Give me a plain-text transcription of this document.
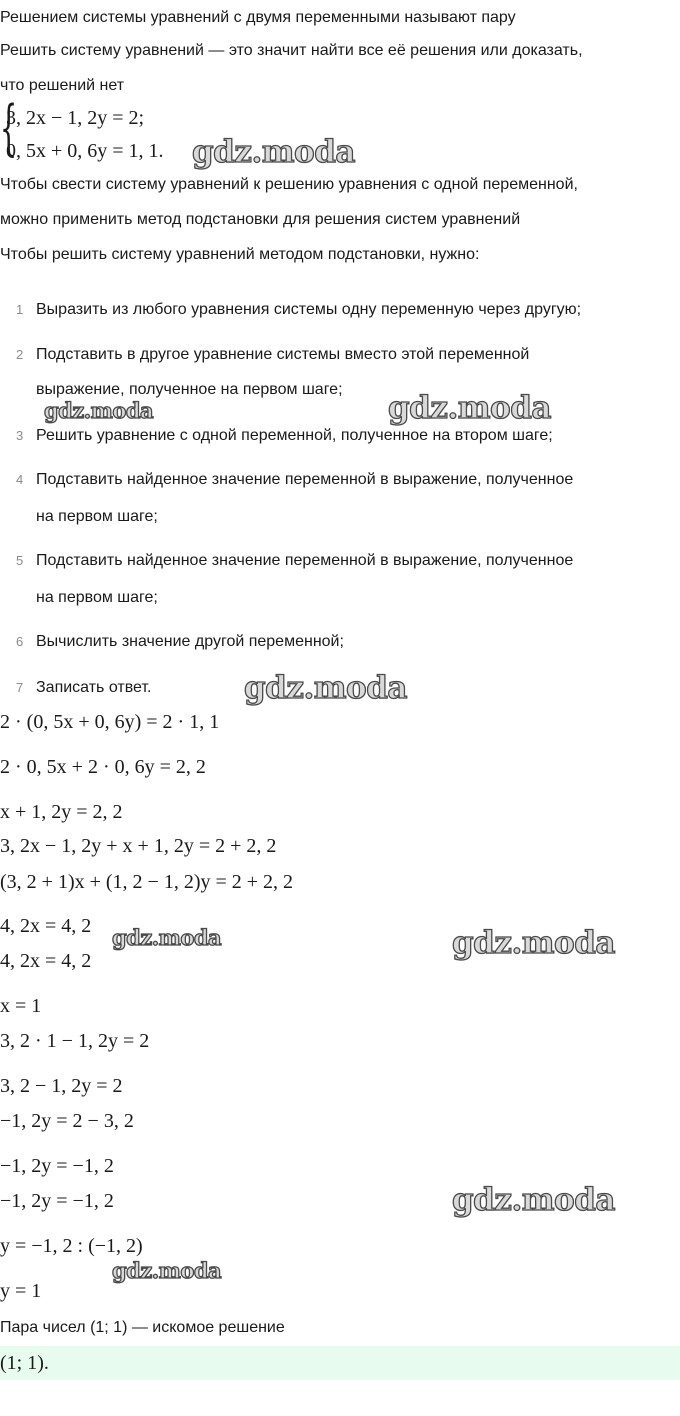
Решением системы уравнений с двумя переменными называют пару
Решить систему уравнений — это значит найти все её решения или доказать,
что решений нет
{
3, 2x − 1, 2y = 2;
0, 5x + 0, 6y = 1, 1.
Чтобы свести систему уравнений к решению уравнения с одной переменной,
можно применить метод подстановки для решения систем уравнений
Чтобы решить систему уравнений методом подстановки, нужно:
1 Выразить из любого уравнения системы одну переменную через другую;
2 Подставить в другое уравнение системы вместо этой переменной
выражение, полученное на первом шаге;
3 Решить уравнение с одной переменной, полученное на втором шаге;
4 Подставить найденное значение переменной в выражение, полученное
на первом шаге;
5 Подставить найденное значение переменной в выражение, полученное
на первом шаге;
6 Вычислить значение другой переменной;
7 Записать ответ.
2 · (0, 5x + 0, 6y) = 2 · 1, 1
2 · 0, 5x + 2 · 0, 6y = 2, 2
x + 1, 2y = 2, 2
3, 2x − 1, 2y + x + 1, 2y = 2 + 2, 2
(3, 2 + 1)x + (1, 2 − 1, 2)y = 2 + 2, 2
4, 2x = 4, 2
4, 2x = 4, 2
x = 1
3, 2 · 1 − 1, 2y = 2
3, 2 − 1, 2y = 2
−1, 2y = 2 − 3, 2
−1, 2y = −1, 2
−1, 2y = −1, 2
y = −1, 2 : (−1, 2)
y = 1
Пара чисел (1; 1) — искомое решение
(1; 1).
gdz.moda
gdz.moda	gdz.moda
gdz.moda
gdz.moda	gdz.moda
gdz.moda
gdz.moda
